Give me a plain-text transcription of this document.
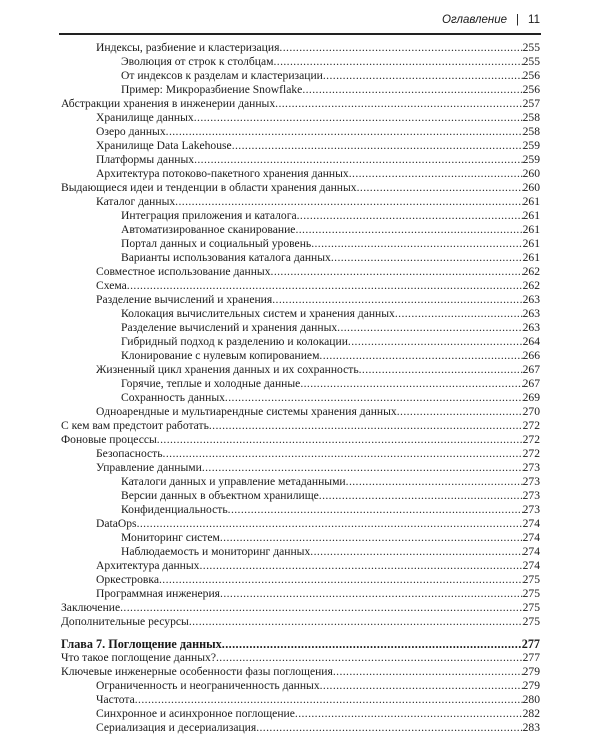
Оглавление | 11
Индексы, разбиение и кластеризация .....	255
Эволюция от строк к столбцам .....	255
От индексов к разделам и кластеризации .....	256
Пример: Микроразбиение Snowflake .....	256
Абстракции хранения в инженерии данных .....	257
Хранилище данных .....	258
Озеро данных .....	258
Хранилище Data Lakehouse .....	259
Платформы данных .....	259
Архитектура потоково-пакетного хранения данных .....	260
Выдающиеся идеи и тенденции в области хранения данных .....	260
Каталог данных .....	261
Интеграция приложения и каталога .....	261
Автоматизированное сканирование .....	261
Портал данных и социальный уровень .....	261
Варианты использования каталога данных .....	261
Совместное использование данных .....	262
Схема .....	262
Разделение вычислений и хранения .....	263
Колокация вычислительных систем и хранения данных .....	263
Разделение вычислений и хранения данных .....	263
Гибридный подход к разделению и колокации .....	264
Клонирование с нулевым копированием .....	266
Жизненный цикл хранения данных и их сохранность .....	267
Горячие, теплые и холодные данные .....	267
Сохранность данных .....	269
Одноарендные и мультиарендные системы хранения данных .....	270
С кем вам предстоит работать .....	272
Фоновые процессы .....	272
Безопасность .....	272
Управление данными .....	273
Каталоги данных и управление метаданными .....	273
Версии данных в объектном хранилище .....	273
Конфиденциальность .....	273
DataOps .....	274
Мониторинг систем .....	274
Наблюдаемость и мониторинг данных .....	274
Архитектура данных .....	274
Оркестровка .....	275
Программная инженерия .....	275
Заключение .....	275
Дополнительные ресурсы .....	275
Глава 7. Поглощение данных .....	277
Что такое поглощение данных? .....	277
Ключевые инженерные особенности фазы поглощения .....	279
Ограниченность и неограниченность данных .....	279
Частота .....	280
Синхронное и асинхронное поглощение .....	282
Сериализация и десериализация .....	283
